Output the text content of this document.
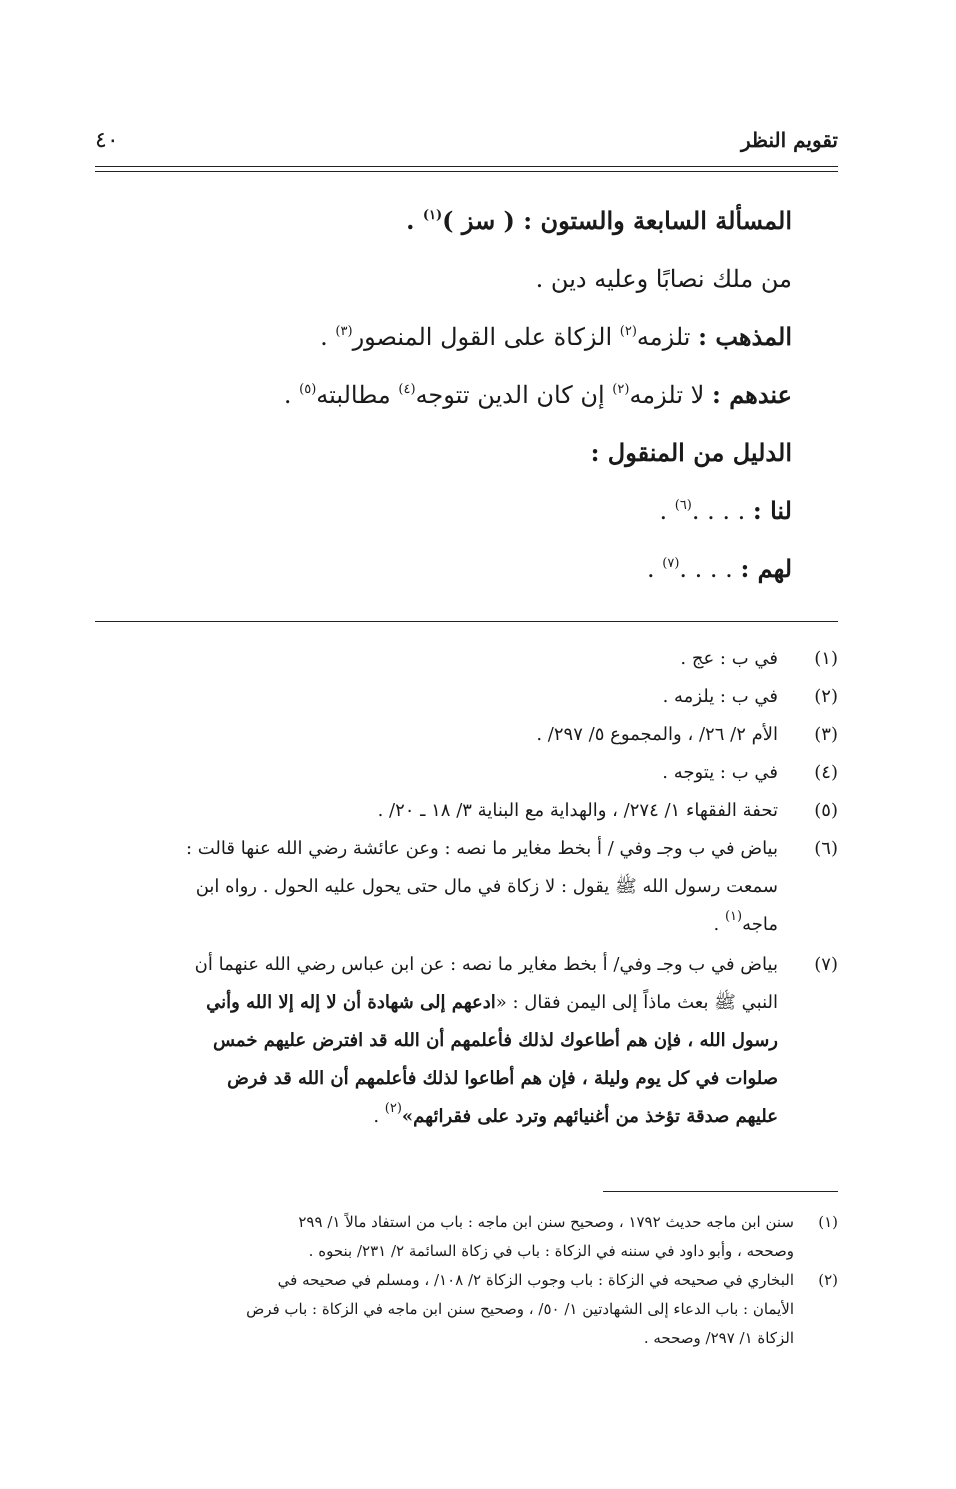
٤٠	تقويم النظر
المسألة السابعة والستون : ( سز )$^{(١)}$ .
من ملك نصابًا وعليه دين .
المذهب : تلزمه$^{(٢)}$ الزكاة على القول المنصور$^{(٣)}$ .
عندهم : لا تلزمه$^{(٢)}$ إن كان الدين تتوجه$^{(٤)}$ مطالبته$^{(٥)}$ .
الدليل من المنقول :
لنا : . . . .$^{(٦)}$ .
لهم : . . . .$^{(٧)}$ .
(١)
في ب : عج .
(٢)
في ب : يلزمه .
(٣)
الأم ٢/ ٢٦/ ، والمجموع ٥/ ٢٩٧/ .
(٤)
في ب : يتوجه .
(٥)
تحفة الفقهاء ١/ ٢٧٤/ ، والهداية مع البناية ٣/ ١٨ ـ ٢٠/ .
(٦)
بياض في ب وجـ وفي / أ بخط مغاير ما نصه : وعن عائشة رضي الله عنها قالت :
سمعت رسول الله ﷺ يقول : لا زكاة في مال حتى يحول عليه الحول . رواه ابن
ماجه$^{(١)}$ .
(٧)
بياض في ب وجـ وفي/ أ بخط مغاير ما نصه : عن ابن عباس رضي الله عنهما أن
النبي ﷺ بعث ماذاً إلى اليمن فقال : «ادعهم إلى شهادة أن لا إله إلا الله وأني
رسول الله ، فإن هم أطاعوك لذلك فأعلمهم أن الله قد افترض عليهم خمس
صلوات في كل يوم وليلة ، فإن هم أطاعوا لذلك فأعلمهم أن الله قد فرض
عليهم صدقة تؤخذ من أغنيائهم وترد على فقرائهم»$^{(٢)}$ .
(١)
سنن ابن ماجه حديث ١٧٩٢ ، وصحيح سنن ابن ماجه : باب من استفاد مالاً ١/ ٢٩٩
وصححه ، وأبو داود في سننه في الزكاة : باب في زكاة السائمة ٢/ ٢٣١/ بنحوه .
(٢)
البخاري في صحيحه في الزكاة : باب وجوب الزكاة ٢/ ١٠٨/ ، ومسلم في صحيحه في
الأيمان : باب الدعاء إلى الشهادتين ١/ ٥٠/ ، وصحيح سنن ابن ماجه في الزكاة : باب فرض
الزكاة ١/ ٢٩٧/ وصححه .
